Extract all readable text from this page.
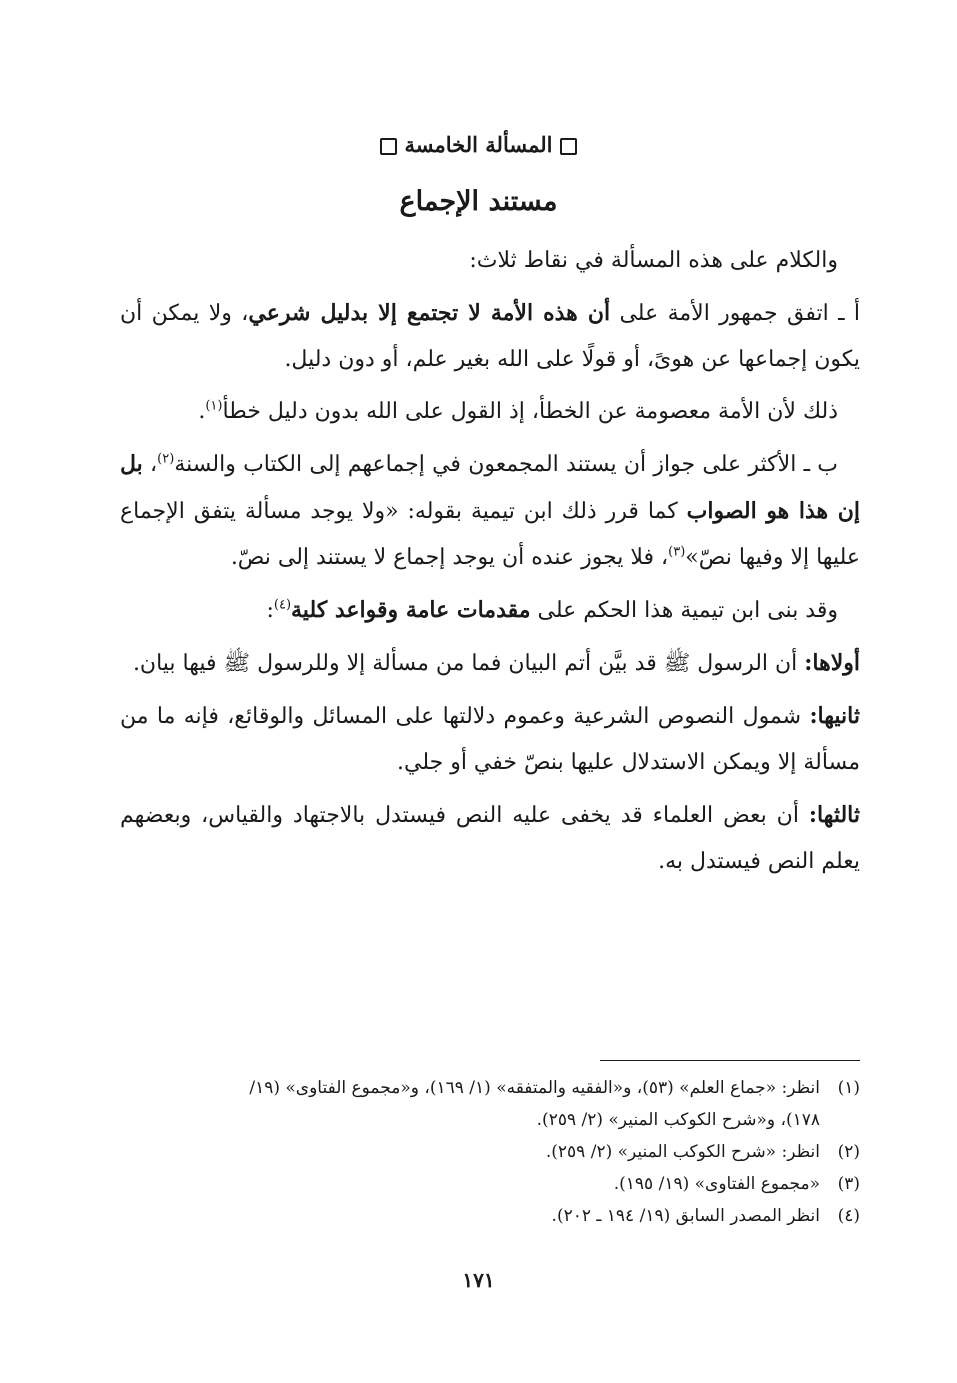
المسألة الخامسة
مستند الإجماع

والكلام على هذه المسألة في نقاط ثلاث:

أ ـ اتفق جمهور الأمة على أن هذه الأمة لا تجتمع إلا بدليل شرعي، ولا يمكن أن يكون إجماعها عن هوىً، أو قولًا على الله بغير علم، أو دون دليل.

ذلك لأن الأمة معصومة عن الخطأ، إذ القول على الله بدون دليل خطأ$^{(١)}$.

ب ـ الأكثر على جواز أن يستند المجمعون في إجماعهم إلى الكتاب والسنة$^{(٢)}$، بل إن هذا هو الصواب كما قرر ذلك ابن تيمية بقوله: «ولا يوجد مسألة يتفق الإجماع عليها إلا وفيها نصّ»$^{(٣)}$، فلا يجوز عنده أن يوجد إجماع لا يستند إلى نصّ.

وقد بنى ابن تيمية هذا الحكم على مقدمات عامة وقواعد كلية$^{(٤)}$:

أولاها: أن الرسول ﷺ قد بيَّن أتم البيان فما من مسألة إلا وللرسول ﷺ فيها بيان.

ثانيها: شمول النصوص الشرعية وعموم دلالتها على المسائل والوقائع، فإنه ما من مسألة إلا ويمكن الاستدلال عليها بنصّ خفي أو جلي.

ثالثها: أن بعض العلماء قد يخفى عليه النص فيستدل بالاجتهاد والقياس، وبعضهم يعلم النص فيستدل به.

(١)
انظر: «جماع العلم» (٥٣)، و«الفقيه والمتفقه» (١/ ١٦٩)، و«مجموع الفتاوى» (١٩/
١٧٨)، و«شرح الكوكب المنير» (٢/ ٢٥٩).
(٢)
انظر: «شرح الكوكب المنير» (٢/ ٢٥٩).
(٣)
«مجموع الفتاوى» (١٩/ ١٩٥).
(٤)
انظر المصدر السابق (١٩/ ١٩٤ ـ ٢٠٢).
١٧١
